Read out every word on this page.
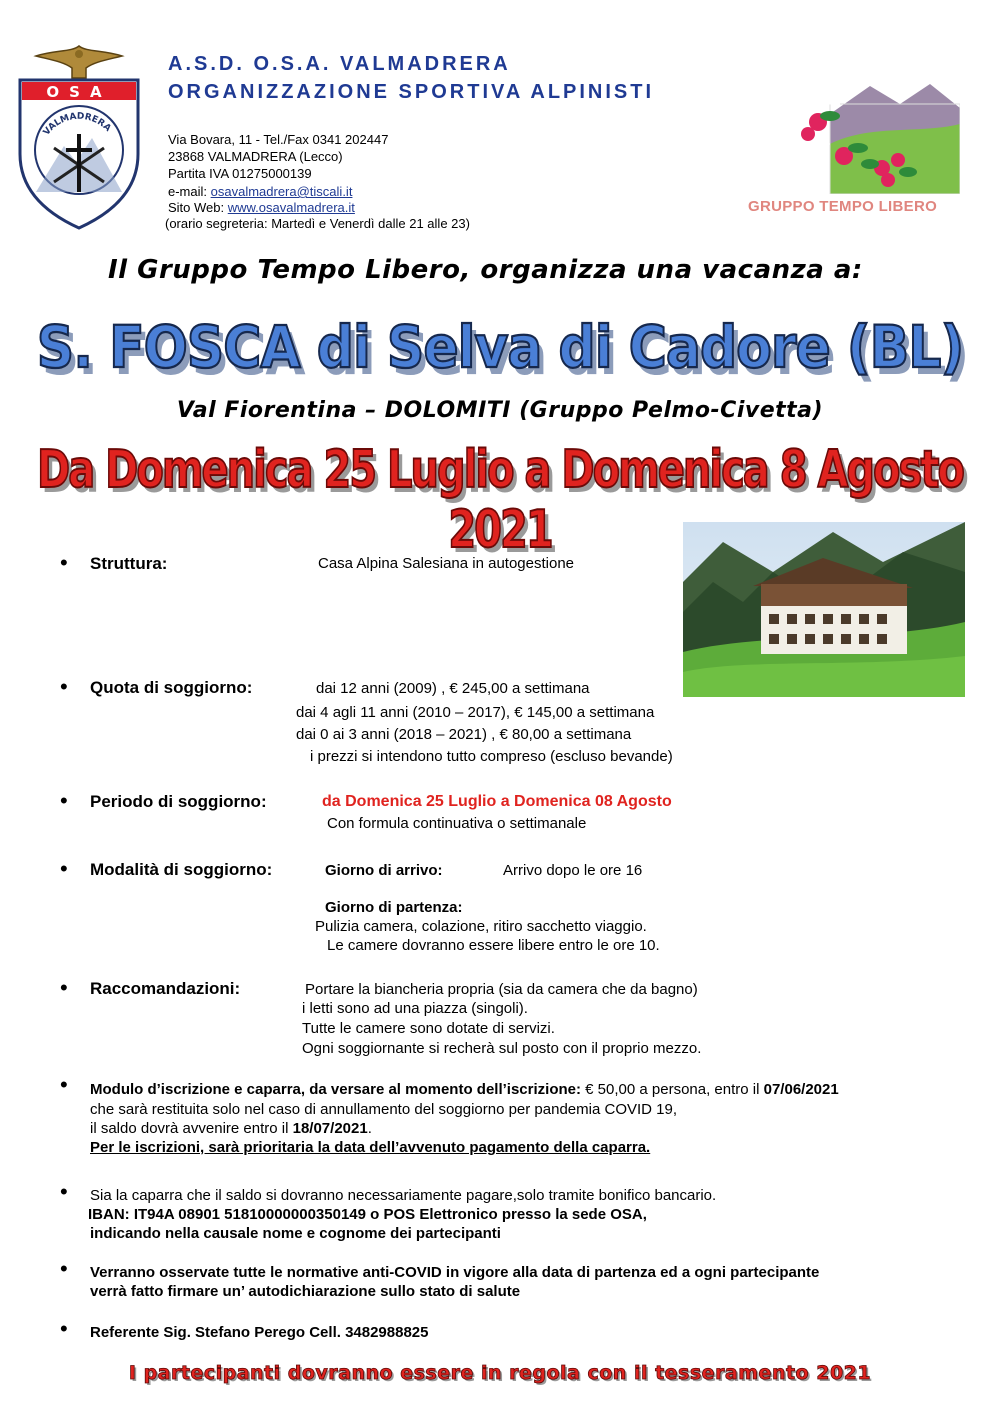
OSA
VALMADRERA
A.S.D. O.S.A. VALMADRERA
ORGANIZZAZIONE SPORTIVA ALPINISTI
Via Bovara, 11 - Tel./Fax 0341 202447
23868 VALMADRERA (Lecco)
Partita IVA 01275000139
e-mail: osavalmadrera@tiscali.it
Sito Web: www.osavalmadrera.it
(orario segreteria: Martedì e Venerdì dalle 21 alle 23)
GRUPPO TEMPO LIBERO
Il Gruppo Tempo Libero, organizza una vacanza a:
S. FOSCA di Selva di Cadore (BL)
Val Fiorentina – DOLOMITI (Gruppo Pelmo-Civetta)
Da Domenica 25 Luglio a Domenica 8 Agosto 2021
• Struttura:	Casa Alpina Salesiana in autogestione
• Quota di soggiorno:	dai 12 anni (2009) , € 245,00 a settimana
dai 4 agli 11 anni (2010 – 2017), € 145,00 a settimana
dai 0 ai 3 anni (2018 – 2021) , € 80,00 a settimana
i prezzi si intendono tutto compreso (escluso bevande)
• Periodo di soggiorno:	da Domenica 25 Luglio a Domenica 08 Agosto
Con formula continuativa o settimanale
• Modalità di soggiorno:	Giorno di arrivo:	Arrivo dopo le ore 16
Giorno di partenza:
Pulizia camera, colazione, ritiro sacchetto viaggio.
Le camere dovranno essere libere entro le ore 10.
• Raccomandazioni:	Portare la biancheria propria (sia da camera che da bagno)
i letti sono ad una piazza (singoli).
Tutte le camere sono dotate di servizi.
Ogni soggiornante si recherà sul posto con il proprio mezzo.
• Modulo d’iscrizione e caparra, da versare al momento dell’iscrizione: € 50,00 a persona, entro il 07/06/2021
che sarà restituita solo nel caso di annullamento del soggiorno per pandemia COVID 19,
il saldo dovrà avvenire entro il 18/07/2021.
Per le iscrizioni, sarà prioritaria la data dell’avvenuto pagamento della caparra.
• Sia la caparra che il saldo si dovranno necessariamente pagare,solo tramite bonifico bancario.
IBAN: IT94A 08901 51810000000350149 o POS Elettronico presso la sede OSA,
indicando nella causale nome e cognome dei partecipanti
• Verranno osservate tutte le normative anti-COVID in vigore alla data di partenza ed a ogni partecipante
verrà fatto firmare un’ autodichiarazione sullo stato di salute
• Referente Sig. Stefano Perego Cell. 3482988825
I partecipanti dovranno essere in regola con il tesseramento 2021
